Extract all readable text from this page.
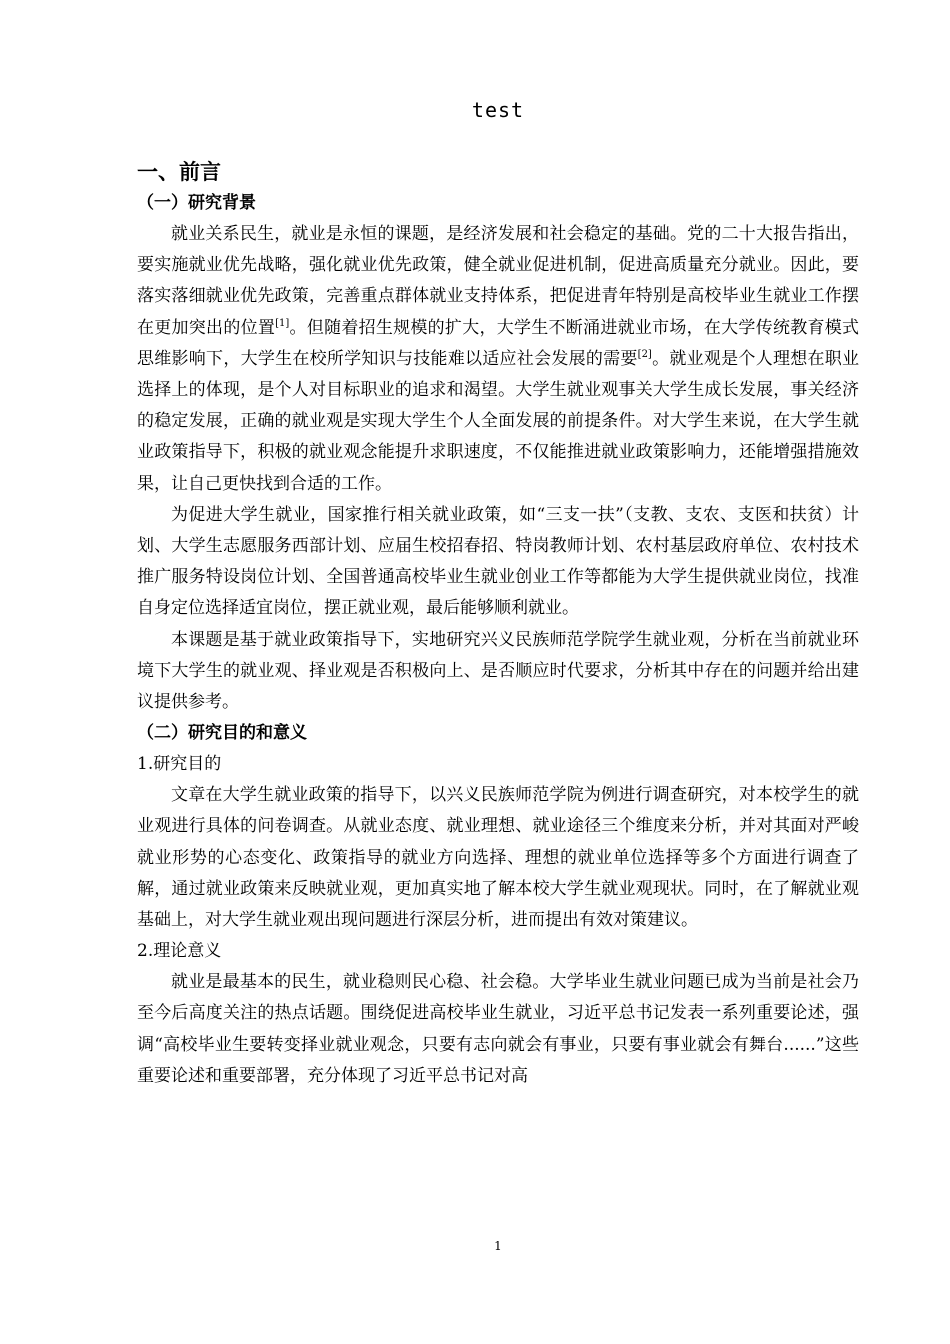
test

一、前言

（一）研究背景

就业关系民生，就业是永恒的课题，是经济发展和社会稳定的基础。党的二十大报告指出，要实施就业优先战略，强化就业优先政策，健全就业促进机制，促进高质量充分就业。因此，要落实落细就业优先政策，完善重点群体就业支持体系，把促进青年特别是高校毕业生就业工作摆在更加突出的位置[1]。但随着招生规模的扩大，大学生不断涌进就业市场，在大学传统教育模式思维影响下，大学生在校所学知识与技能难以适应社会发展的需要[2]。就业观是个人理想在职业选择上的体现，是个人对目标职业的追求和渴望。大学生就业观事关大学生成长发展，事关经济的稳定发展，正确的就业观是实现大学生个人全面发展的前提条件。对大学生来说，在大学生就业政策指导下，积极的就业观念能提升求职速度，不仅能推进就业政策影响力，还能增强措施效果，让自己更快找到合适的工作。

为促进大学生就业，国家推行相关就业政策，如“三支一扶”（支教、支农、支医和扶贫）计划、大学生志愿服务西部计划、应届生校招春招、特岗教师计划、农村基层政府单位、农村技术推广服务特设岗位计划、全国普通高校毕业生就业创业工作等都能为大学生提供就业岗位，找准自身定位选择适宜岗位，摆正就业观，最后能够顺利就业。

本课题是基于就业政策指导下，实地研究兴义民族师范学院学生就业观，分析在当前就业环境下大学生的就业观、择业观是否积极向上、是否顺应时代要求，分析其中存在的问题并给出建议提供参考。

（二）研究目的和意义

1.研究目的

文章在大学生就业政策的指导下，以兴义民族师范学院为例进行调查研究，对本校学生的就业观进行具体的问卷调查。从就业态度、就业理想、就业途径三个维度来分析，并对其面对严峻就业形势的心态变化、政策指导的就业方向选择、理想的就业单位选择等多个方面进行调查了解，通过就业政策来反映就业观，更加真实地了解本校大学生就业观现状。同时，在了解就业观基础上，对大学生就业观出现问题进行深层分析，进而提出有效对策建议。

2.理论意义

就业是最基本的民生，就业稳则民心稳、社会稳。大学毕业生就业问题已成为当前是社会乃至今后高度关注的热点话题。围绕促进高校毕业生就业，习近平总书记发表一系列重要论述，强调“高校毕业生要转变择业就业观念，只要有志向就会有事业，只要有事业就会有舞台......”这些重要论述和重要部署，充分体现了习近平总书记对高

1
